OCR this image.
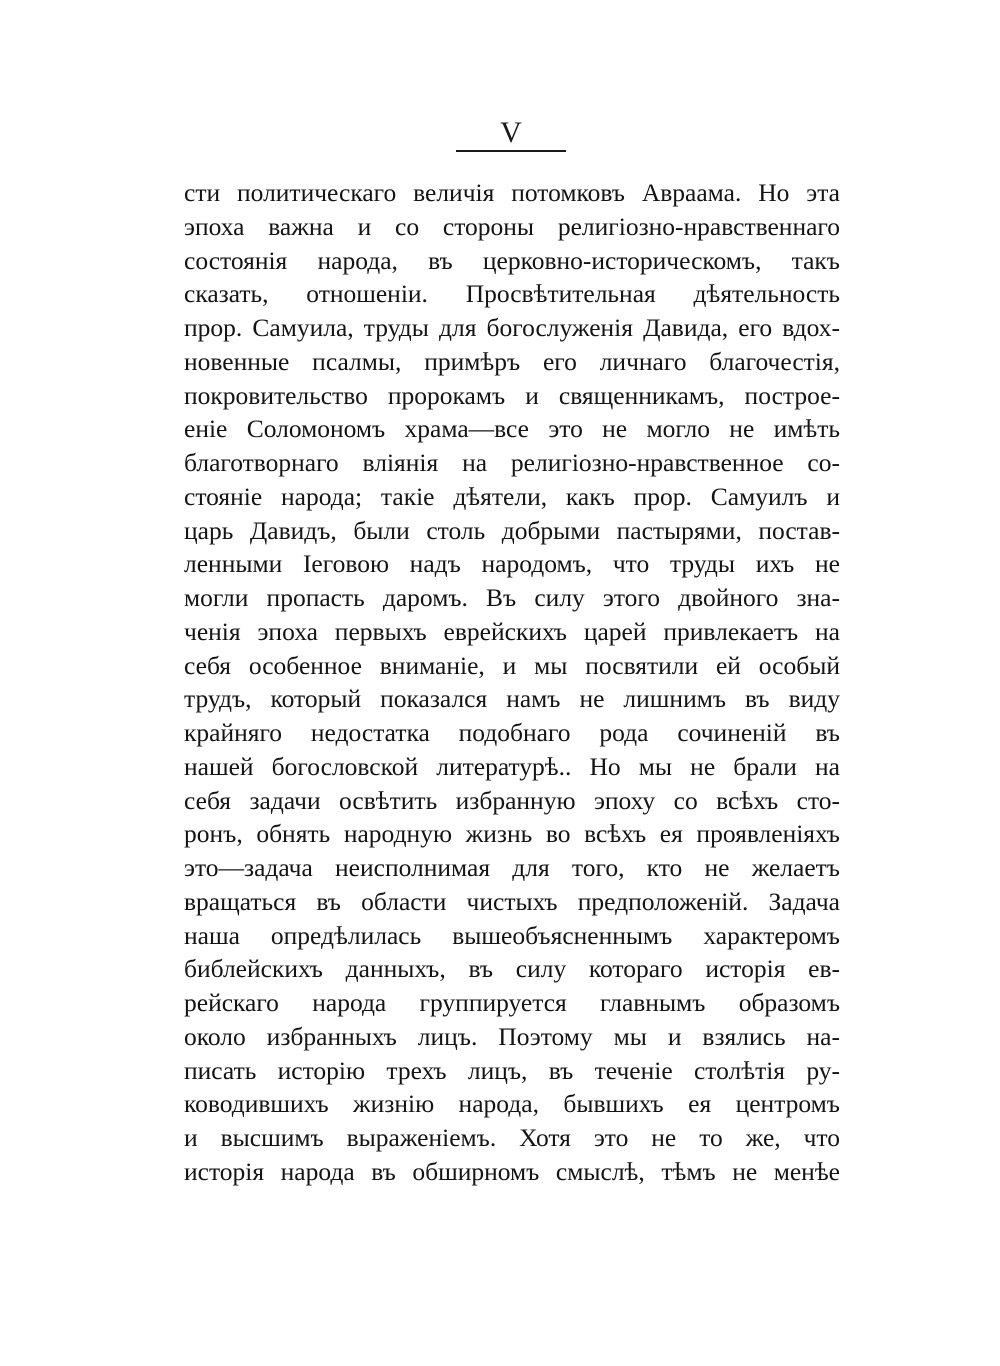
V
сти политическаго величія потомковъ Авраама. Но эта
эпоха важна и со стороны религіозно-нравственнаго
состоянія народа, въ церковно-историческомъ, такъ
сказать, отношеніи. Просвѣтительная дѣятельность
прор. Самуила, труды для богослуженія Давида, его вдох-
новенные псалмы, примѣръ его личнаго благочестія,
покровительство пророкамъ и священникамъ, построе-
еніе Соломономъ храма—все это не могло не имѣть
благотворнаго вліянія на религіозно-нравственное со-
стояніе народа; такіе дѣятели, какъ прор. Самуилъ и
царь Давидъ, были столь добрыми пастырями, постав-
ленными Іеговою надъ народомъ, что труды ихъ не
могли пропасть даромъ. Въ силу этого двойного зна-
ченія эпоха первыхъ еврейскихъ царей привлекаетъ на
себя особенное вниманіе, и мы посвятили ей особый
трудъ, который показался намъ не лишнимъ въ виду
крайняго недостатка подобнаго рода сочиненій въ
нашей богословской литературѣ.. Но мы не брали на
себя задачи освѣтить избранную эпоху со всѣхъ сто-
ронъ, обнять народную жизнь во всѣхъ ея проявленіяхъ
это—задача неисполнимая для того, кто не желаетъ
вращаться въ области чистыхъ предположеній. Задача
наша опредѣлилась вышеобъясненнымъ характеромъ
библейскихъ данныхъ, въ силу котораго исторія ев-
рейскаго народа группируется главнымъ образомъ
около избранныхъ лицъ. Поэтому мы и взялись на-
писать исторію трехъ лицъ, въ теченіе столѣтія ру-
ководившихъ жизнію народа, бывшихъ ея центромъ
и высшимъ выраженіемъ. Хотя это не то же, что
исторія народа въ обширномъ смыслѣ, тѣмъ не менѣе
